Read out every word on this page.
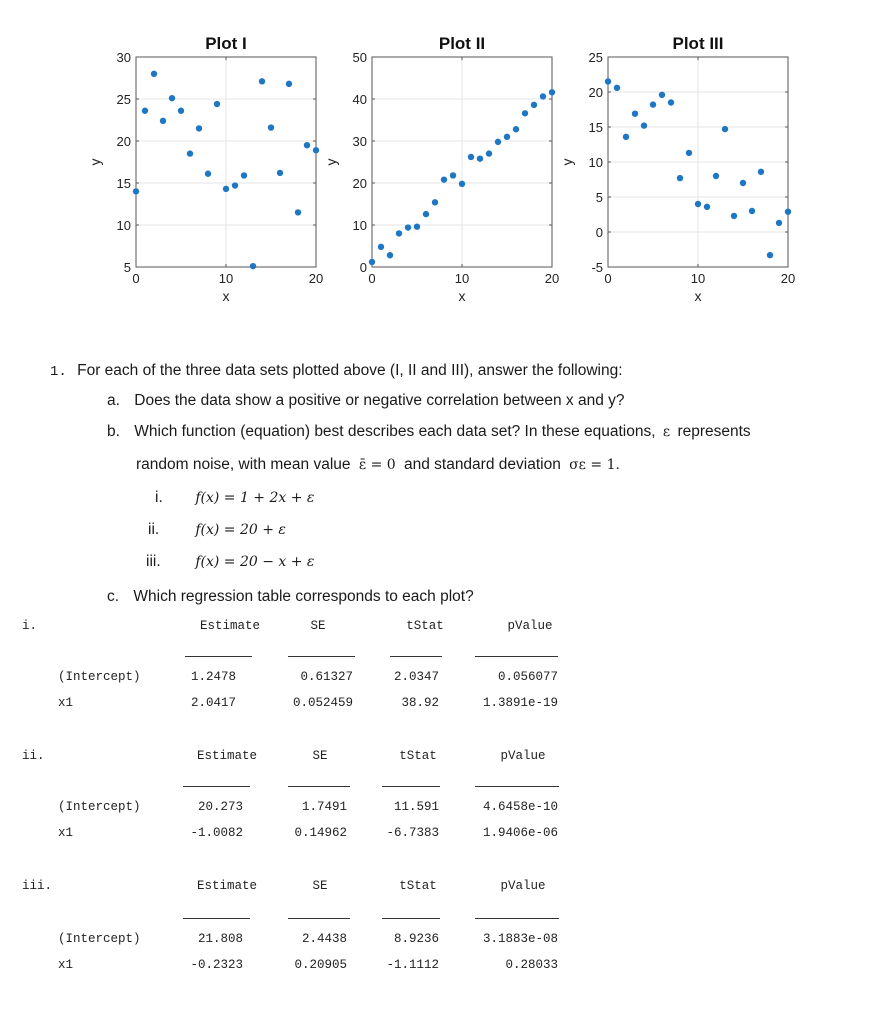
0	10	20
5
10
15
20
25
30
Plot I
x
y
0	10	20
0
10
20
30
40
50
Plot II
x
y
0	10	20
-5
0
5
10
15
20
25
Plot III
x
y
1. For each of the three data sets plotted above (I, II and III), answer the following:
a. Does the data show a positive or negative correlation between x and y?
b. Which function (equation) best describes each data set? In these equations, ε represents
random noise, with mean value ε̄ = 0 and standard deviation σε = 1.
i. f(x) = 1 + 2x + ε
ii.	f(x) = 20 + ε
iii. f(x) = 20 − x + ε
c. Which regression table corresponds to each plot?
i.	Estimate	SE	tStat	pValue
(Intercept)	1.2478	0.61327	2.0347	0.056077
x1	2.0417	0.052459	38.92	1.3891e-19
ii.	Estimate	SE	tStat	pValue
(Intercept)	20.273	1.7491	11.591	4.6458e-10
x1	-1.0082	0.14962	-6.7383	1.9406e-06
iii.	Estimate	SE	tStat	pValue
(Intercept)	21.808	2.4438	8.9236	3.1883e-08
x1	-0.2323	0.20905	-1.1112	0.28033
